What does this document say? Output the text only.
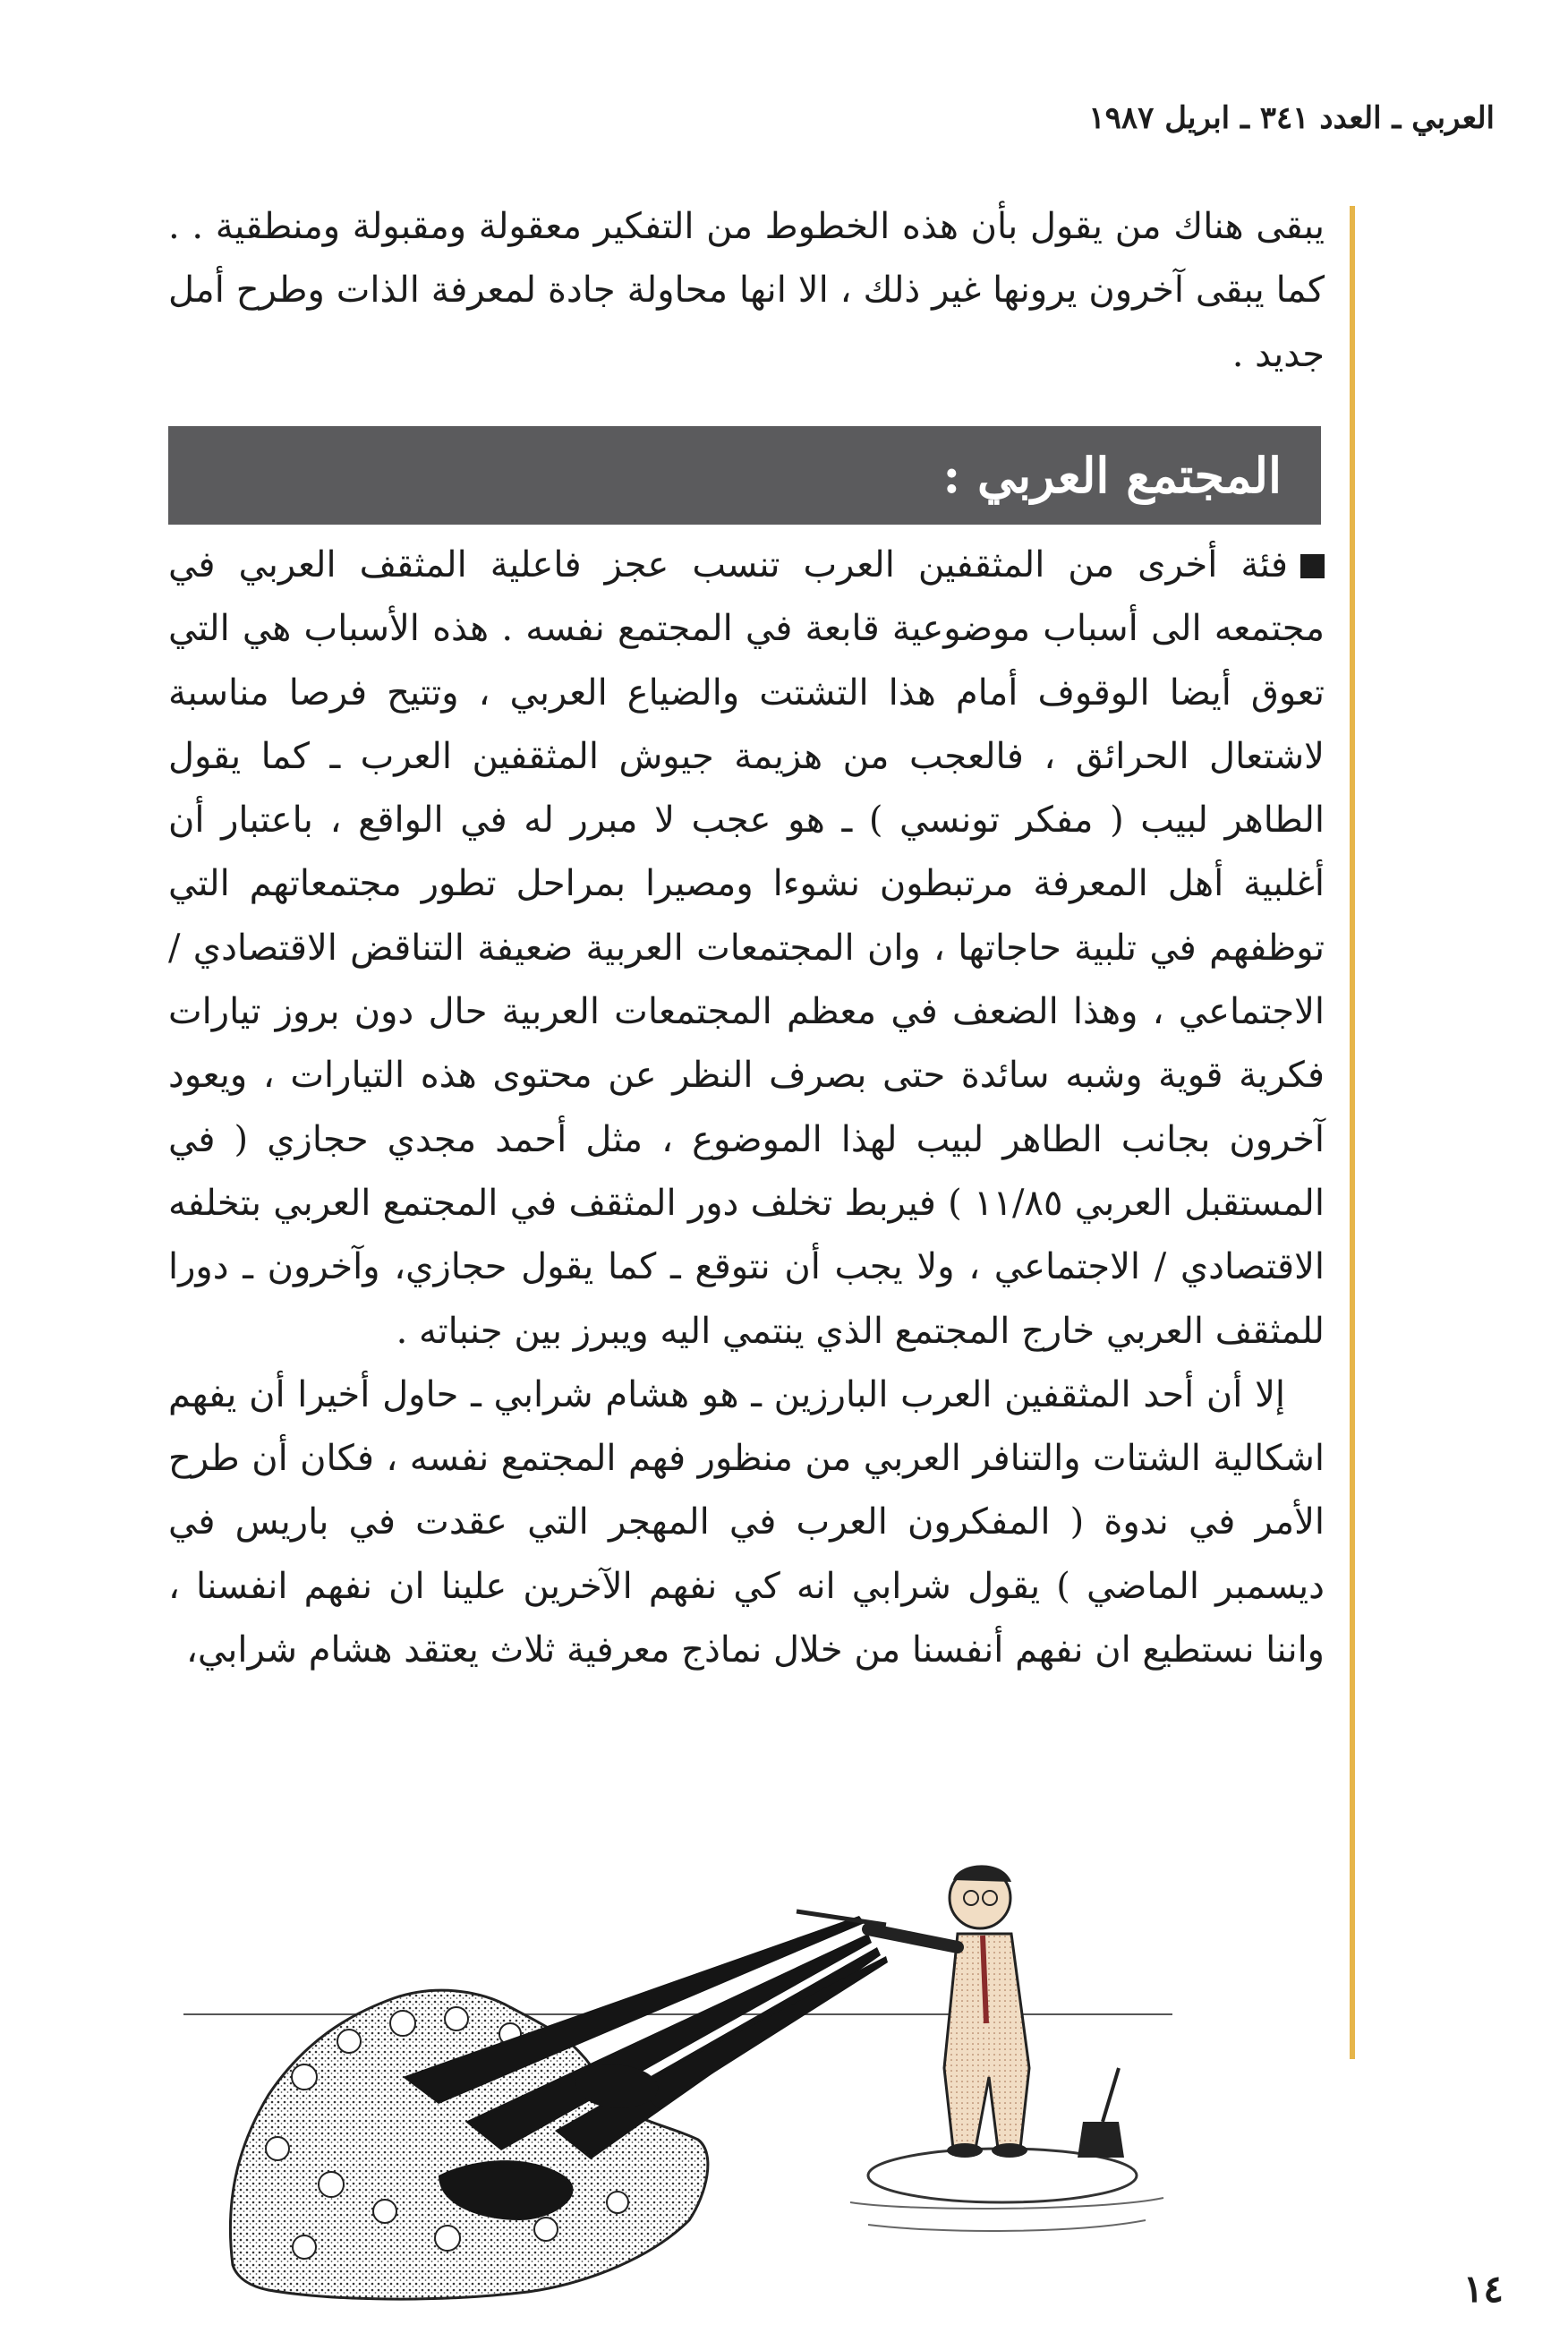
العربي ـ العدد ٣٤١ ـ ابريل ١٩٨٧

يبقى هناك من يقول بأن هذه الخطوط من التفكير معقولة ومقبولة ومنطقية . . كما يبقى آخرون يرونها غير ذلك ، الا انها محاولة جادة لمعرفة الذات وطرح أمل جديد .

المجتمع العربي :

فئة أخرى من المثقفين العرب تنسب عجز فاعلية المثقف العربي في مجتمعه الى أسباب موضوعية قابعة في المجتمع نفسه . هذه الأسباب هي التي تعوق أيضا الوقوف أمام هذا التشتت والضياع العربي ، وتتيح فرصا مناسبة لاشتعال الحرائق ، فالعجب من هزيمة جيوش المثقفين العرب ـ كما يقول الطاهر لبيب ( مفكر تونسي ) ـ هو عجب لا مبرر له في الواقع ، باعتبار أن أغلبية أهل المعرفة مرتبطون نشوءا ومصيرا بمراحل تطور مجتمعاتهم التي توظفهم في تلبية حاجاتها ، وان المجتمعات العربية ضعيفة التناقض الاقتصادي / الاجتماعي ، وهذا الضعف في معظم المجتمعات العربية حال دون بروز تيارات فكرية قوية وشبه سائدة حتى بصرف النظر عن محتوى هذه التيارات ، ويعود آخرون بجانب الطاهر لبيب لهذا الموضوع ، مثل أحمد مجدي حجازي ( في المستقبل العربي ١١/٨٥ ) فيربط تخلف دور المثقف في المجتمع العربي بتخلفه الاقتصادي / الاجتماعي ، ولا يجب أن نتوقع ـ كما يقول حجازي، وآخرون ـ دورا للمثقف العربي خارج المجتمع الذي ينتمي اليه ويبرز بين جنباته .

إلا أن أحد المثقفين العرب البارزين ـ هو هشام شرابي ـ حاول أخيرا أن يفهم اشكالية الشتات والتنافر العربي من منظور فهم المجتمع نفسه ، فكان أن طرح الأمر في ندوة ( المفكرون العرب في المهجر التي عقدت في باريس في ديسمبر الماضي ) يقول شرابي انه كي نفهم الآخرين علينا ان نفهم انفسنا ، واننا نستطيع ان نفهم أنفسنا من خلال نماذج معرفية ثلاث يعتقد هشام شرابي،

١٤
